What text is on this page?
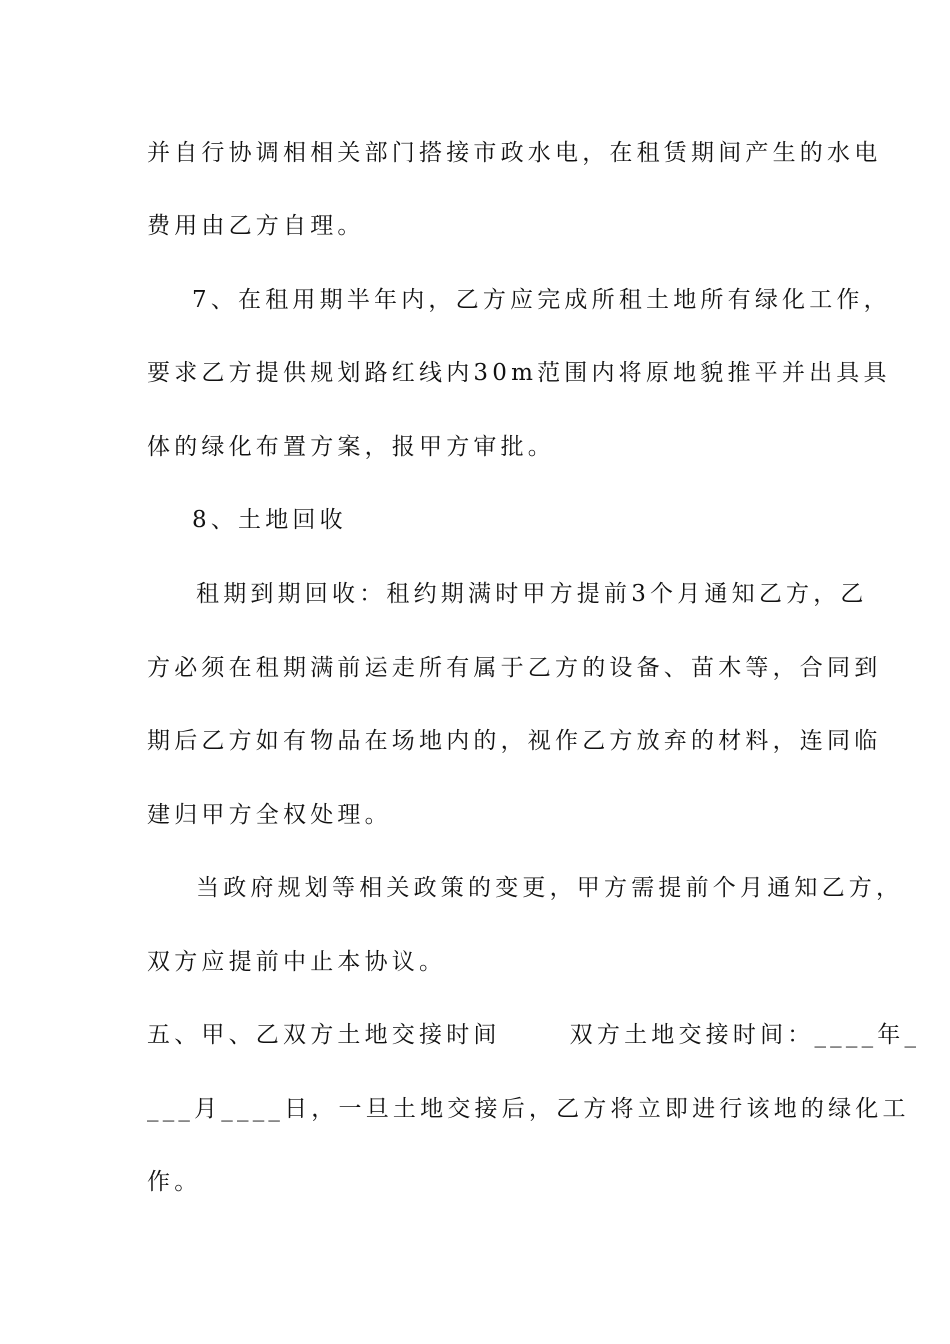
并自行协调相相关部门搭接市政水电，在租赁期间产生的水电
费用由乙方自理。
7、在租用期半年内，乙方应完成所租土地所有绿化工作，
要求乙方提供规划路红线内30m范围内将原地貌推平并出具具
体的绿化布置方案，报甲方审批。
8、土地回收
租期到期回收：租约期满时甲方提前3个月通知乙方，乙
方必须在租期满前运走所有属于乙方的设备、苗木等，合同到
期后乙方如有物品在场地内的，视作乙方放弃的材料，连同临
建归甲方全权处理。
当政府规划等相关政策的变更，甲方需提前个月通知乙方，
双方应提前中止本协议。
五、甲、乙双方土地交接时间      双方土地交接时间：____年_
___月____日，一旦土地交接后，乙方将立即进行该地的绿化工
作。
